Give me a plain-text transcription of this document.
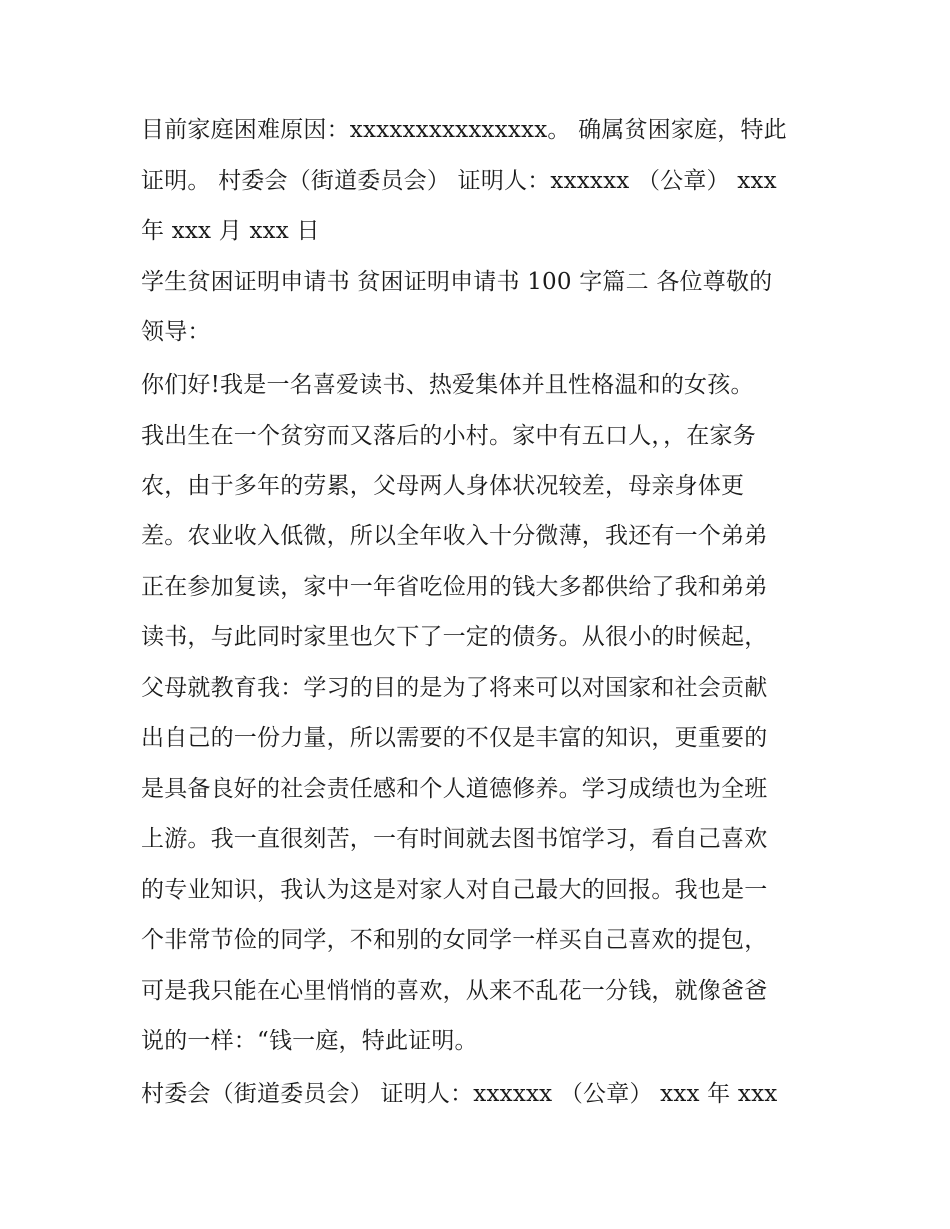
目前家庭困难原因：xxxxxxxxxxxxxxx。 确属贫困家庭，特此
证明。 村委会（街道委员会） 证明人：xxxxxx （公章） xxx
年 xxx 月 xxx 日
学生贫困证明申请书 贫困证明申请书 100 字篇二 各位尊敬的
领导：
你们好!我是一名喜爱读书、热爱集体并且性格温和的女孩。
我出生在一个贫穷而又落后的小村。家中有五口人，，在家务
农，由于多年的劳累，父母两人身体状况较差，母亲身体更
差。农业收入低微，所以全年收入十分微薄，我还有一个弟弟
正在参加复读，家中一年省吃俭用的钱大多都供给了我和弟弟
读书，与此同时家里也欠下了一定的债务。从很小的时候起，
父母就教育我：学习的目的是为了将来可以对国家和社会贡献
出自己的一份力量，所以需要的不仅是丰富的知识，更重要的
是具备良好的社会责任感和个人道德修养。学习成绩也为全班
上游。我一直很刻苦，一有时间就去图书馆学习，看自己喜欢
的专业知识，我认为这是对家人对自己最大的回报。我也是一
个非常节俭的同学，不和别的女同学一样买自己喜欢的提包，
可是我只能在心里悄悄的喜欢，从来不乱花一分钱，就像爸爸
说的一样：“钱一庭，特此证明。
村委会（街道委员会） 证明人：xxxxxx （公章） xxx 年 xxx
